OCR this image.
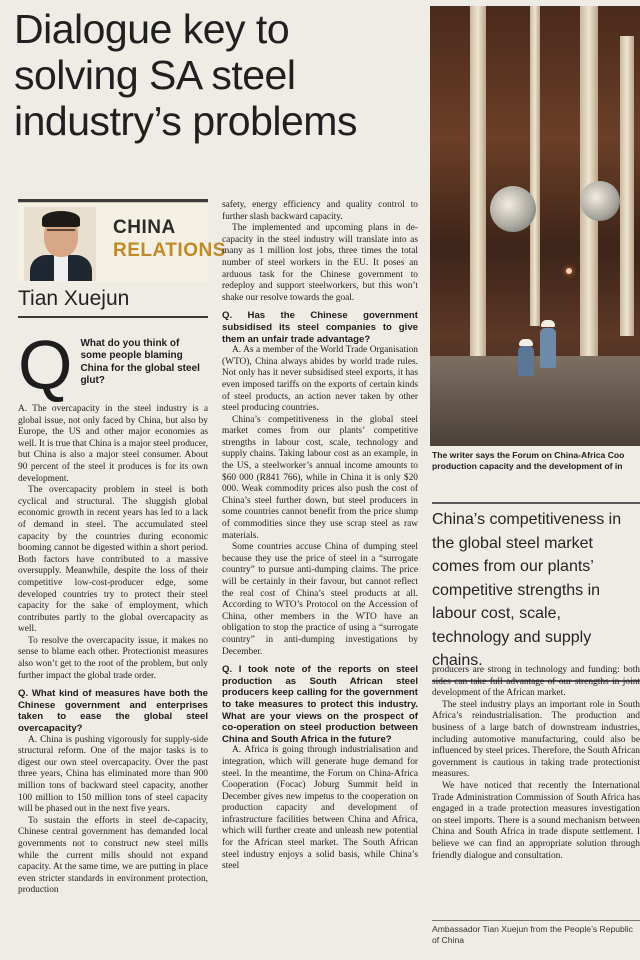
Dialogue key to solving SA steel industry’s problems
The writer says the Forum on China-Africa Coo
production capacity and the development of in
China’s competitiveness in the global steel market comes from our plants’ competitive strengths in labour cost, scale, technology and supply chains.
CHINA
RELATIONS
Tian Xuejun
Q What do you think of some people blaming China for the global steel glut?

A. The overcapacity in the steel industry is a global issue, not only faced by China, but also by Europe, the US and other major economies as well. It is true that China is a major steel producer, but China is also a major steel consumer. About 90 percent of the steel it produces is for its own development.

The overcapacity problem in steel is both cyclical and structural. The sluggish global economic growth in recent years has led to a lack of demand in steel. The accumulated steel capacity by the countries during economic booming cannot be digested within a short period. Both factors have contributed to a massive oversupply. Meanwhile, despite the loss of their competitive low-cost-producer edge, some developed countries try to protect their steel capacity for the sake of employment, which contributes partly to the global overcapacity as well.

To resolve the overcapacity issue, it makes no sense to blame each other. Protectionist measures also won’t get to the root of the problem, but only further impact the global trade order.

Q. What kind of measures have both the Chinese government and enterprises taken to ease the global steel overcapacity?

A. China is pushing vigorously for supply-side structural reform. One of the major tasks is to digest our own steel overcapacity. Over the past three years, China has eliminated more than 900 million tons of backward steel capacity, another 100 million to 150 million tons of steel capacity will be phased out in the next five years.

To sustain the efforts in steel de-capacity, Chinese central government has demanded local governments not to construct new steel mills while the current mills should not expand capacity. At the same time, we are putting in place even stricter standards in environment protection, production

safety, energy efficiency and quality control to further slash backward capacity.

The implemented and upcoming plans in de-capacity in the steel industry will translate into as many as 1 million lost jobs, three times the total number of steel workers in the EU. It poses an arduous task for the Chinese government to redeploy and support steelworkers, but this won’t shake our resolve towards the goal.

Q. Has the Chinese government subsidised its steel companies to give them an unfair trade advantage?

A. As a member of the World Trade Organisation (WTO), China always abides by world trade rules. Not only has it never subsidised steel exports, it has even imposed tariffs on the exports of certain kinds of steel products, an action never taken by other steel producing countries.

China’s competitiveness in the global steel market comes from our plants’ competitive strengths in labour cost, scale, technology and supply chains. Taking labour cost as an example, in the US, a steelworker’s annual income amounts to $60 000 (R841 766), while in China it is only $20 000. Weak commodity prices also push the cost of China’s steel further down, but steel producers in some countries cannot benefit from the price slump of commodities since they use scrap steel as raw materials.

Some countries accuse China of dumping steel because they use the price of steel in a “surrogate country” to pursue anti-dumping claims. The price will be certainly in their favour, but cannot reflect the real cost of China’s steel products at all. According to WTO’s Protocol on the Accession of China, other members in the WTO have an obligation to stop the practice of using a “surrogate country” in anti-dumping investigations by December.

Q. I took note of the reports on steel production as South African steel producers keep calling for the government to take measures to protect this industry. What are your views on the prospect of co-operation on steel production between China and South Africa in the future?

A. Africa is going through industrialisation and integration, which will generate huge demand for steel. In the meantime, the Forum on China-Africa Cooperation (Focac) Joburg Summit held in December gives new impetus to the cooperation on production capacity and development of infrastructure facilities between China and Africa, which will further create and unleash new potential for the African steel market. The South African steel industry enjoys a solid basis, while China’s steel

producers are strong in technology and funding: both sides can take full advantage of our strengths in joint development of the African market.

The steel industry plays an important role in South Africa’s reindustrialisation. The production and business of a large batch of downstream industries, including automotive manufacturing, could also be influenced by steel prices. Therefore, the South African government is cautious in taking trade protectionist measures.

We have noticed that recently the International Trade Administration Commission of South Africa has engaged in a trade protection measures investigation on steel imports. There is a sound mechanism between China and South Africa in trade dispute settlement. I believe we can find an appropriate solution through friendly dialogue and consultation.

Ambassador Tian Xuejun from the People’s Republic of China
